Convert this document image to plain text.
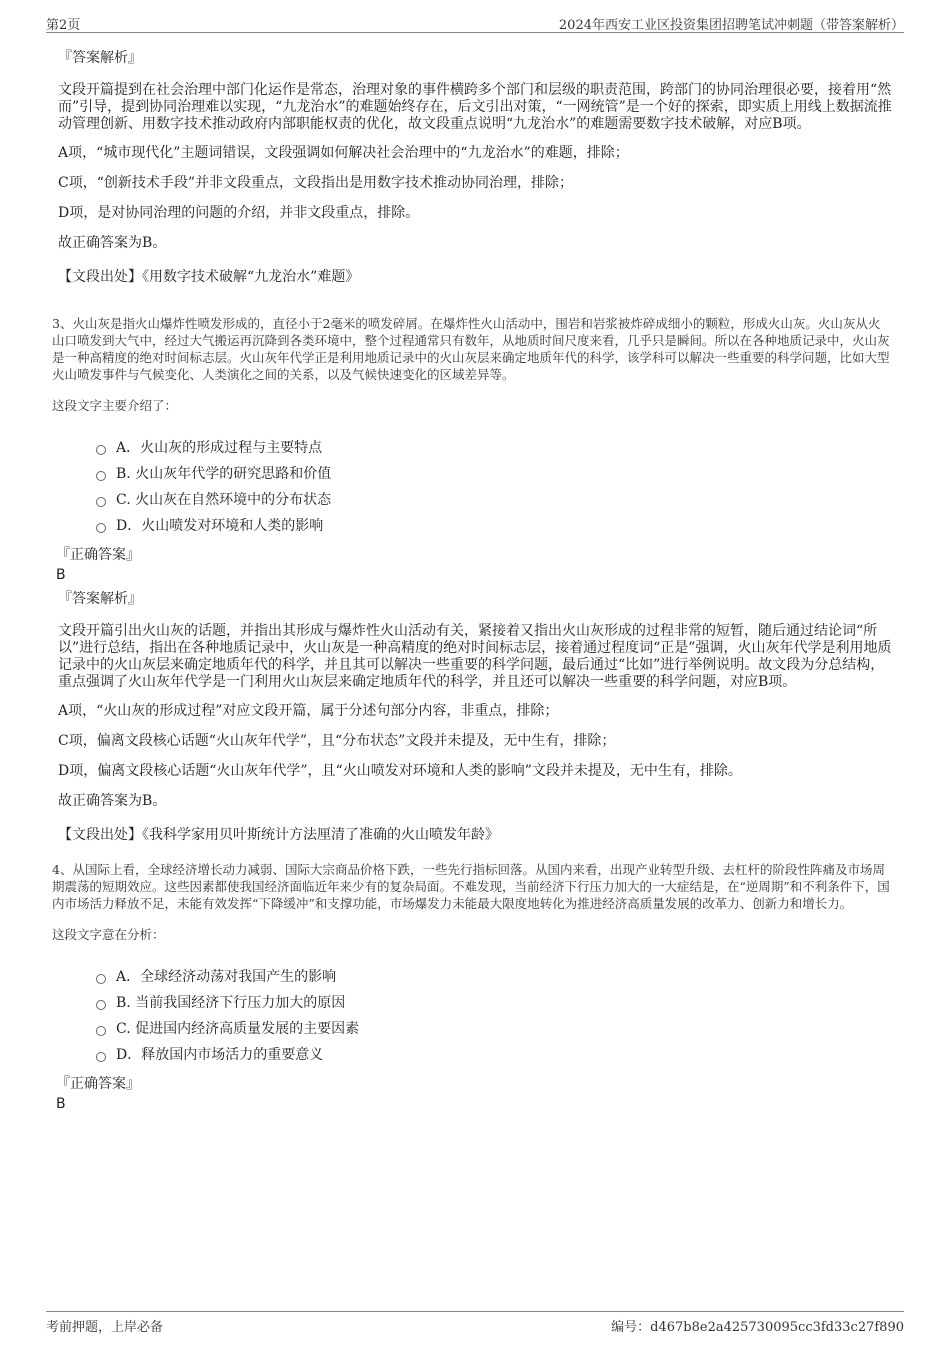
第2页	2024年西安工业区投资集团招聘笔试冲刺题（带答案解析）

『答案解析』

文段开篇提到在社会治理中部门化运作是常态，治理对象的事件横跨多个部门和层级的职责范围，跨部门的协同治理很必要，接着用“然而”引导，提到协同治理难以实现，“九龙治水”的难题始终存在，后文引出对策，“一网统管”是一个好的探索，即实质上用线上数据流推动管理创新、用数字技术推动政府内部职能权责的优化，故文段重点说明“九龙治水”的难题需要数字技术破解，对应B项。

A项，“城市现代化”主题词错误，文段强调如何解决社会治理中的“九龙治水”的难题，排除；

C项，“创新技术手段”并非文段重点，文段指出是用数字技术推动协同治理，排除；

D项，是对协同治理的问题的介绍，并非文段重点，排除。

故正确答案为B。

【文段出处】《用数字技术破解“九龙治水”难题》

3、火山灰是指火山爆炸性喷发形成的，直径小于2毫米的喷发碎屑。在爆炸性火山活动中，围岩和岩浆被炸碎成细小的颗粒，形成火山灰。火山灰从火山口喷发到大气中，经过大气搬运再沉降到各类环境中，整个过程通常只有数年，从地质时间尺度来看，几乎只是瞬间。所以在各种地质记录中，火山灰是一种高精度的绝对时间标志层。火山灰年代学正是利用地质记录中的火山灰层来确定地质年代的科学，该学科可以解决一些重要的科学问题，比如大型火山喷发事件与气候变化、人类演化之间的关系，以及气候快速变化的区域差异等。

这段文字主要介绍了：

A．火山灰的形成过程与主要特点
B. 火山灰年代学的研究思路和价值
C. 火山灰在自然环境中的分布状态
D．火山喷发对环境和人类的影响

『正确答案』

B

『答案解析』

文段开篇引出火山灰的话题，并指出其形成与爆炸性火山活动有关，紧接着又指出火山灰形成的过程非常的短暂，随后通过结论词“所以”进行总结，指出在各种地质记录中，火山灰是一种高精度的绝对时间标志层，接着通过程度词“正是”强调，火山灰年代学是利用地质记录中的火山灰层来确定地质年代的科学，并且其可以解决一些重要的科学问题，最后通过“比如”进行举例说明。故文段为分总结构，重点强调了火山灰年代学是一门利用火山灰层来确定地质年代的科学，并且还可以解决一些重要的科学问题，对应B项。

A项，“火山灰的形成过程”对应文段开篇，属于分述句部分内容，非重点，排除；

C项，偏离文段核心话题“火山灰年代学”，且“分布状态”文段并未提及，无中生有，排除；

D项，偏离文段核心话题“火山灰年代学”，且“火山喷发对环境和人类的影响”文段并未提及，无中生有，排除。

故正确答案为B。

【文段出处】《我科学家用贝叶斯统计方法厘清了准确的火山喷发年龄》

4、从国际上看，全球经济增长动力减弱、国际大宗商品价格下跌，一些先行指标回落。从国内来看，出现产业转型升级、去杠杆的阶段性阵痛及市场周期震荡的短期效应。这些因素都使我国经济面临近年来少有的复杂局面。不难发现，当前经济下行压力加大的一大症结是，在“逆周期”和不利条件下，国内市场活力释放不足，未能有效发挥“下降缓冲”和支撑功能，市场爆发力未能最大限度地转化为推进经济高质量发展的改革力、创新力和增长力。

这段文字意在分析：

A．全球经济动荡对我国产生的影响
B. 当前我国经济下行压力加大的原因
C. 促进国内经济高质量发展的主要因素
D．释放国内市场活力的重要意义

『正确答案』

B

考前押题，上岸必备	编号：d467b8e2a425730095cc3fd33c27f890
